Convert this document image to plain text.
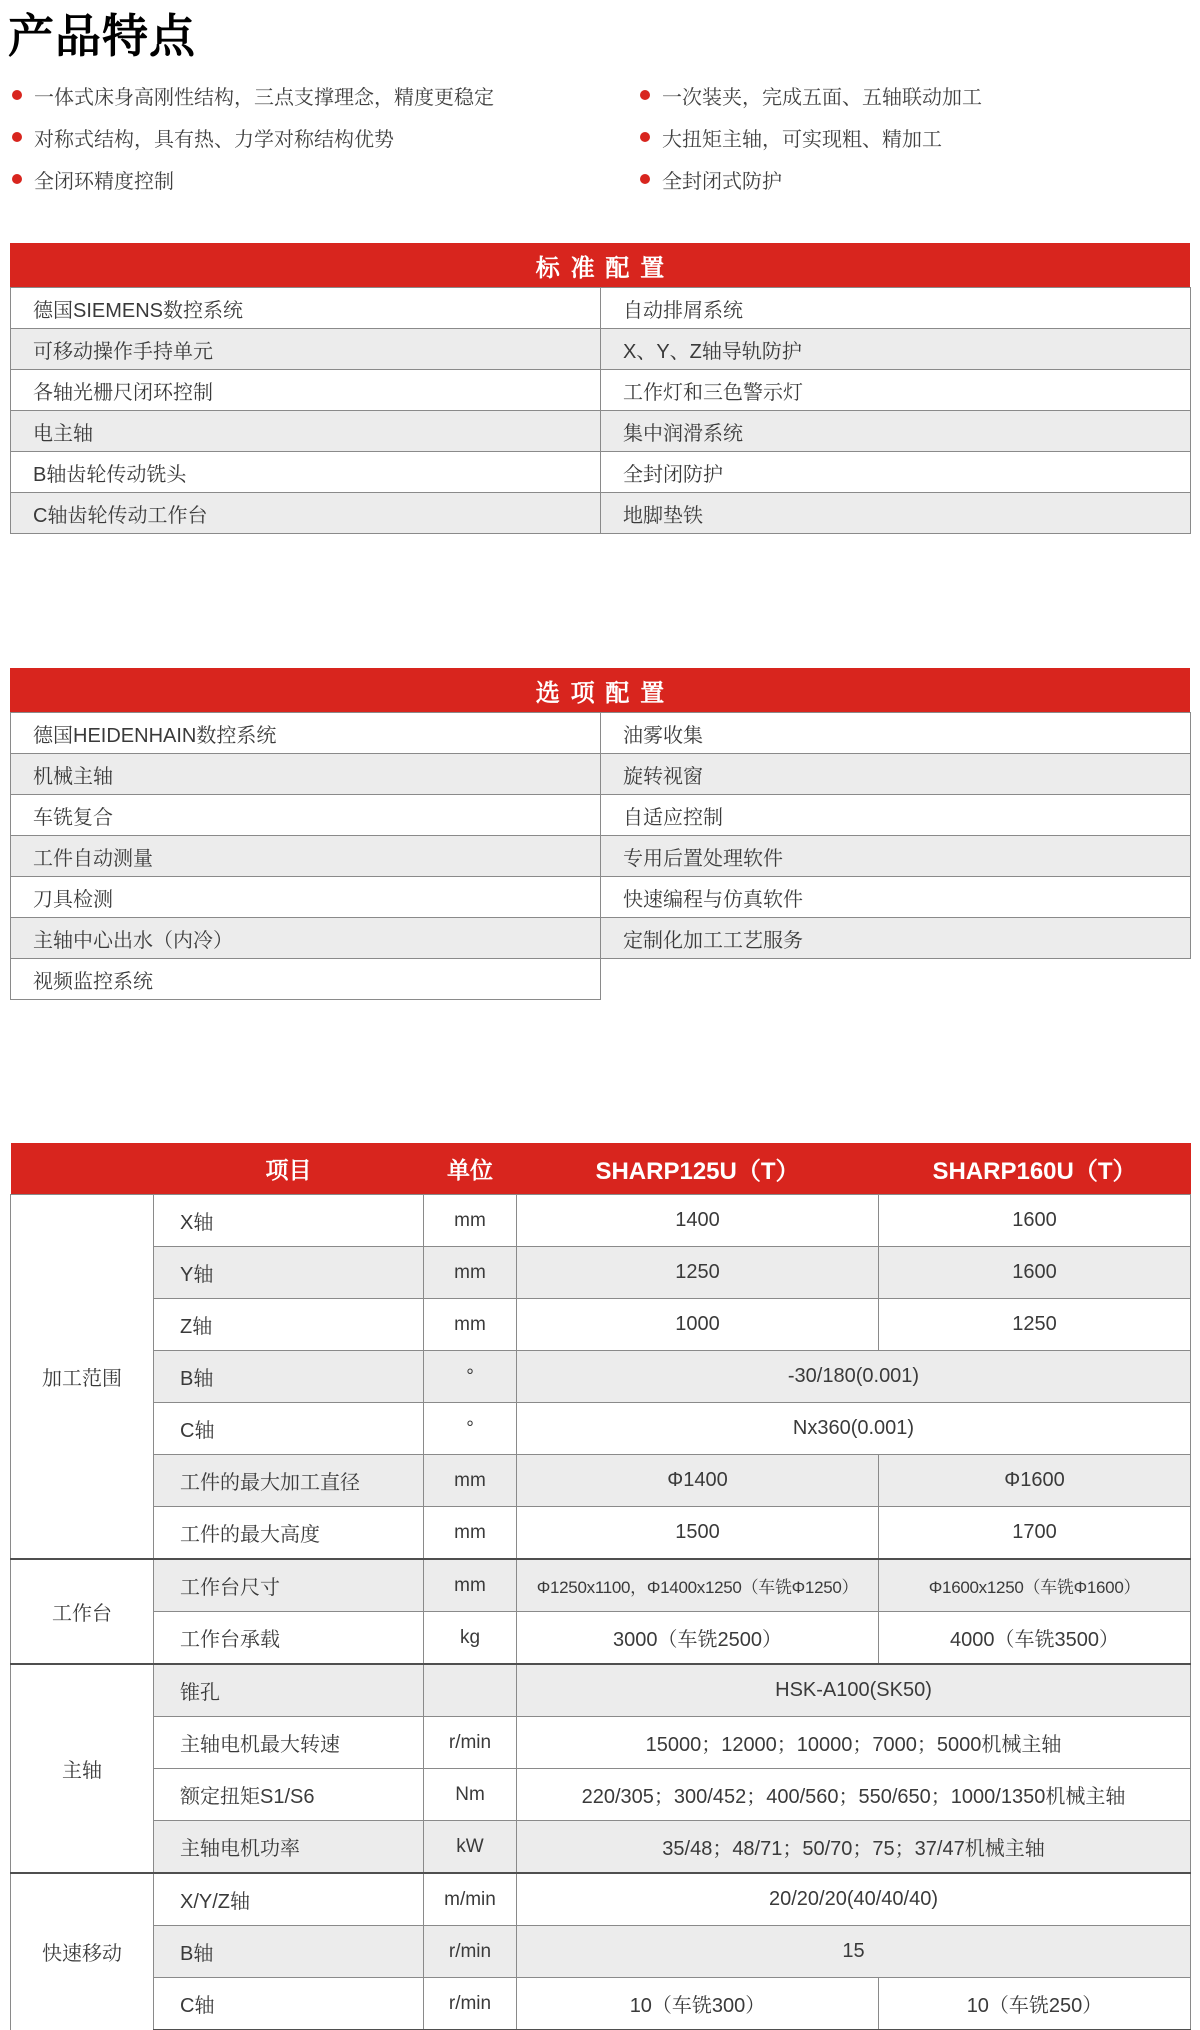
产品特点
一体式床身高刚性结构，三点支撑理念，精度更稳定
对称式结构，具有热、力学对称结构优势
全闭环精度控制
一次装夹，完成五面、五轴联动加工
大扭矩主轴，可实现粗、精加工
全封闭式防护
标准配置
德国SIEMENS数控系统	自动排屑系统
可移动操作手持单元	X、Y、Z轴导轨防护
各轴光栅尺闭环控制	工作灯和三色警示灯
电主轴	集中润滑系统
B轴齿轮传动铣头	全封闭防护
C轴齿轮传动工作台	地脚垫铁
选项配置
德国HEIDENHAIN数控系统	油雾收集
机械主轴	旋转视窗
车铣复合	自适应控制
工件自动测量	专用后置处理软件
刀具检测	快速编程与仿真软件
主轴中心出水（内冷）	定制化加工工艺服务
视频监控系统	
	项目	单位	SHARP125U（T）	SHARP160U（T）
加工范围	X轴	mm	1400	1600
	Y轴	mm	1250	1600
	Z轴	mm	1000	1250
	B轴	°	-30/180(0.001)	
	C轴	°	Nx360(0.001)	
	工件的最大加工直径	mm	Φ1400	Φ1600
	工件的最大高度	mm	1500	1700
工作台	工作台尺寸	mm	Φ1250x1100，Φ1400x1250（车铣Φ1250）	Φ1600x1250（车铣Φ1600）
	工作台承载	kg	3000（车铣2500）	4000（车铣3500）
主轴	锥孔		HSK-A100(SK50)	
	主轴电机最大转速	r/min	15000；12000；10000；7000；5000机械主轴	
	额定扭矩S1/S6	Nm	220/305；300/452；400/560；550/650；1000/1350机械主轴	
	主轴电机功率	kW	35/48；48/71；50/70；75；37/47机械主轴	
快速移动	X/Y/Z轴	m/min	20/20/20(40/40/40)	
	B轴	r/min	15	
	C轴	r/min	10（车铣300）	10（车铣250）
